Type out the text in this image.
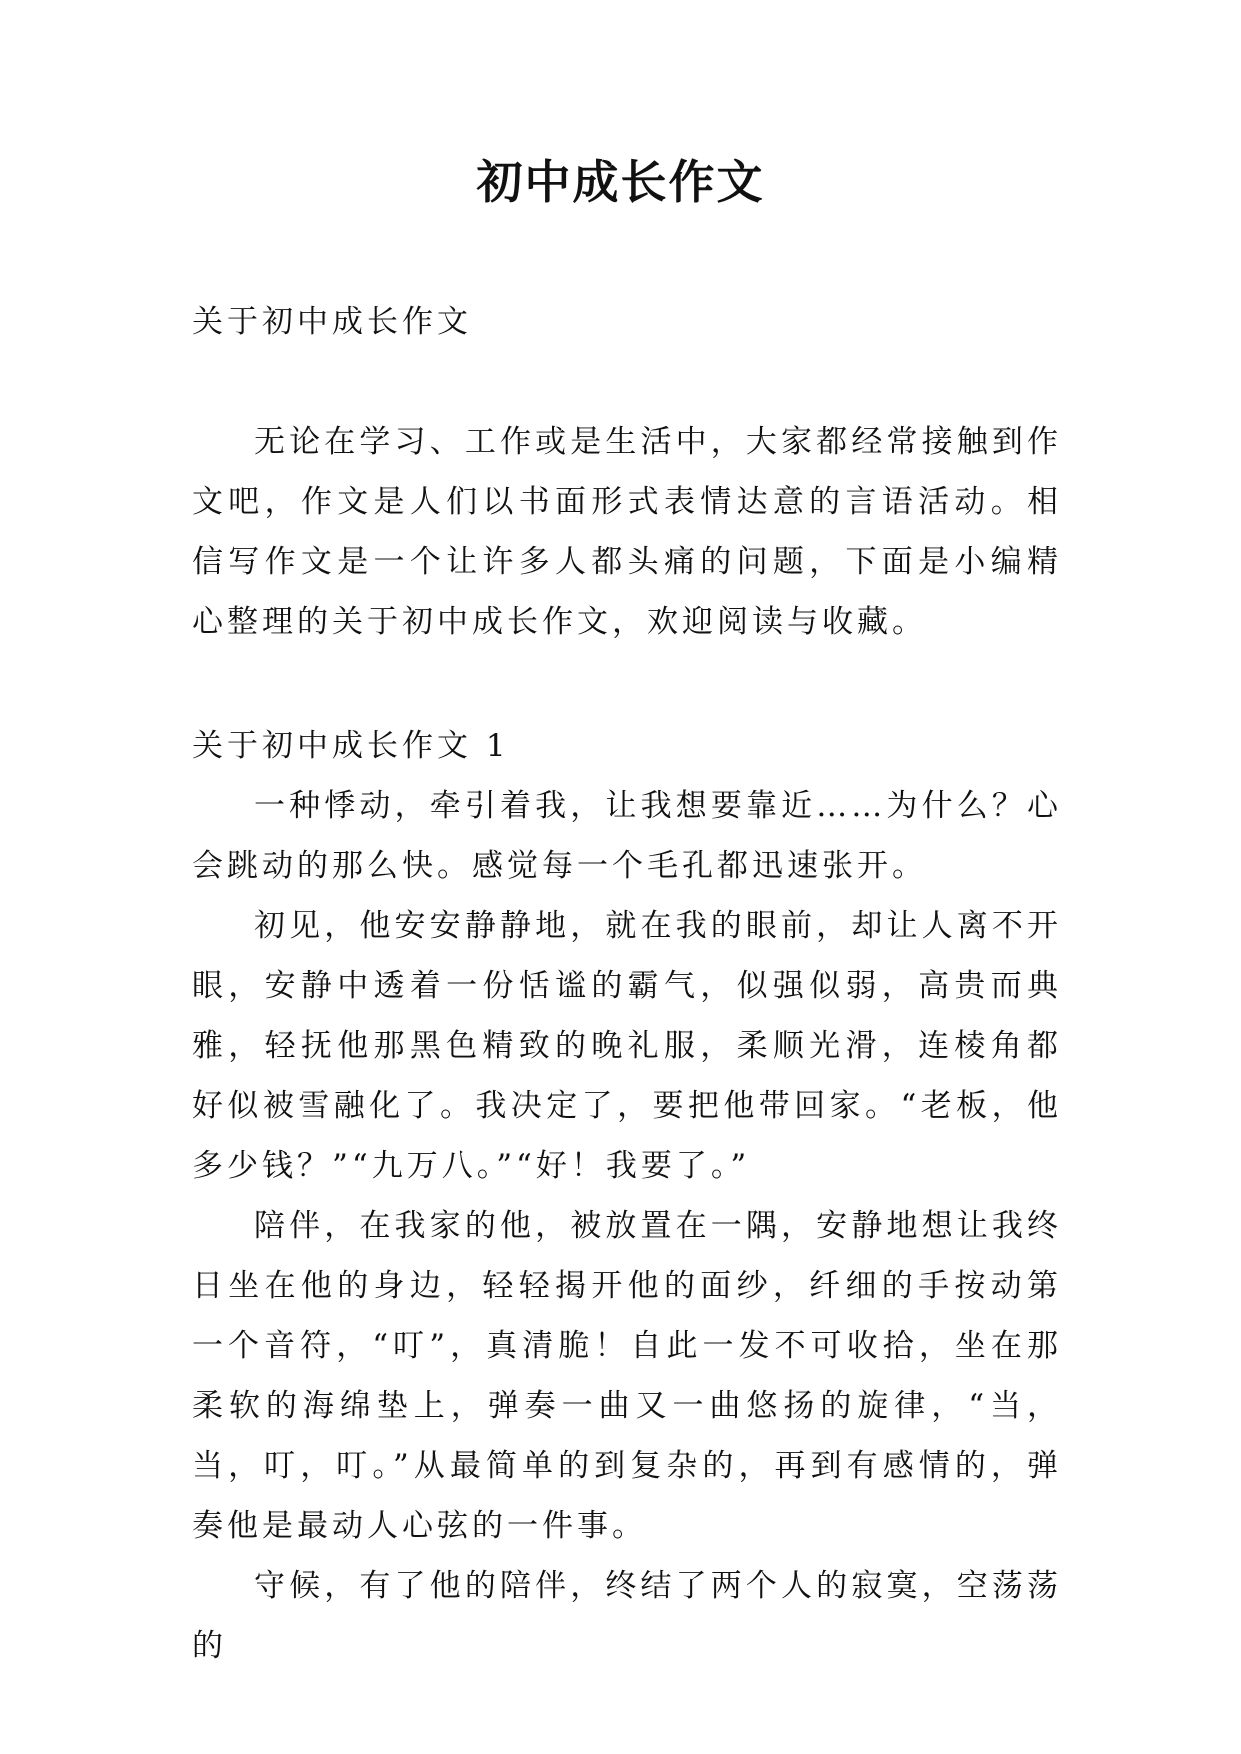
初中成长作文

关于初中成长作文

无论在学习、工作或是生活中，大家都经常接触到作文吧，作文是人们以书面形式表情达意的言语活动。相信写作文是一个让许多人都头痛的问题，下面是小编精心整理的关于初中成长作文，欢迎阅读与收藏。

关于初中成长作文 1

一种悸动，牵引着我，让我想要靠近……为什么？心会跳动的那么快。感觉每一个毛孔都迅速张开。

初见，他安安静静地，就在我的眼前，却让人离不开眼，安静中透着一份恬谧的霸气，似强似弱，高贵而典雅，轻抚他那黑色精致的晚礼服，柔顺光滑，连棱角都好似被雪融化了。我决定了，要把他带回家。“老板，他多少钱？”“九万八。”“好！我要了。”

陪伴，在我家的他，被放置在一隅，安静地想让我终日坐在他的身边，轻轻揭开他的面纱，纤细的手按动第一个音符，“叮”，真清脆！自此一发不可收拾，坐在那柔软的海绵垫上，弹奏一曲又一曲悠扬的旋律，“当，当，叮，叮。”从最简单的到复杂的，再到有感情的，弹奏他是最动人心弦的一件事。

守候，有了他的陪伴，终结了两个人的寂寞，空荡荡的
